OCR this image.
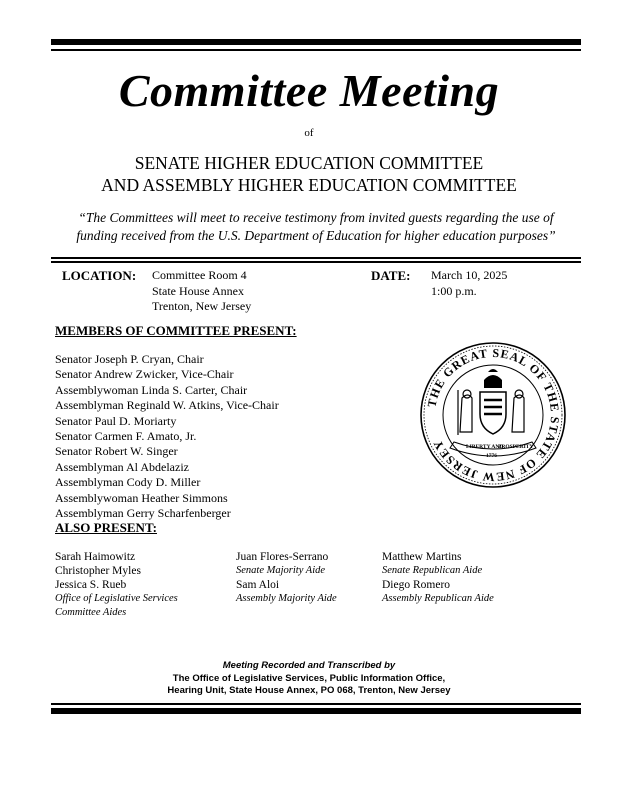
Committee Meeting
of
SENATE HIGHER EDUCATION COMMITTEE
AND ASSEMBLY HIGHER EDUCATION COMMITTEE
“The Committees will meet to receive testimony from invited guests regarding the use of
funding received from the U.S. Department of Education for higher education purposes”
LOCATION: Committee Room 4
State House Annex
Trenton, New Jersey
DATE: March 10, 2025
1:00 p.m.
MEMBERS OF COMMITTEE PRESENT:
Senator Joseph P. Cryan, Chair
Senator Andrew Zwicker, Vice-Chair
Assemblywoman Linda S. Carter, Chair
Assemblyman Reginald W. Atkins, Vice-Chair
Senator Paul D. Moriarty
Senator Carmen F. Amato, Jr.
Senator Robert W. Singer
Assemblyman Al Abdelaziz
Assemblyman Cody D. Miller
Assemblywoman Heather Simmons
Assemblyman Gerry Scharfenberger
THE GREAT SEAL OF THE STATE OF NEW JERSEY	LIBERTY AND
PROSPERITY
1776
ALSO PRESENT:
Sarah Haimowitz
Christopher Myles
Jessica S. Rueb
Office of Legislative Services
Committee Aides
Juan Flores-Serrano
Senate Majority Aide
Sam Aloi
Assembly Majority Aide
Matthew Martins
Senate Republican Aide
Diego Romero
Assembly Republican Aide
Meeting Recorded and Transcribed by
The Office of Legislative Services, Public Information Office,
Hearing Unit, State House Annex, PO 068, Trenton, New Jersey
